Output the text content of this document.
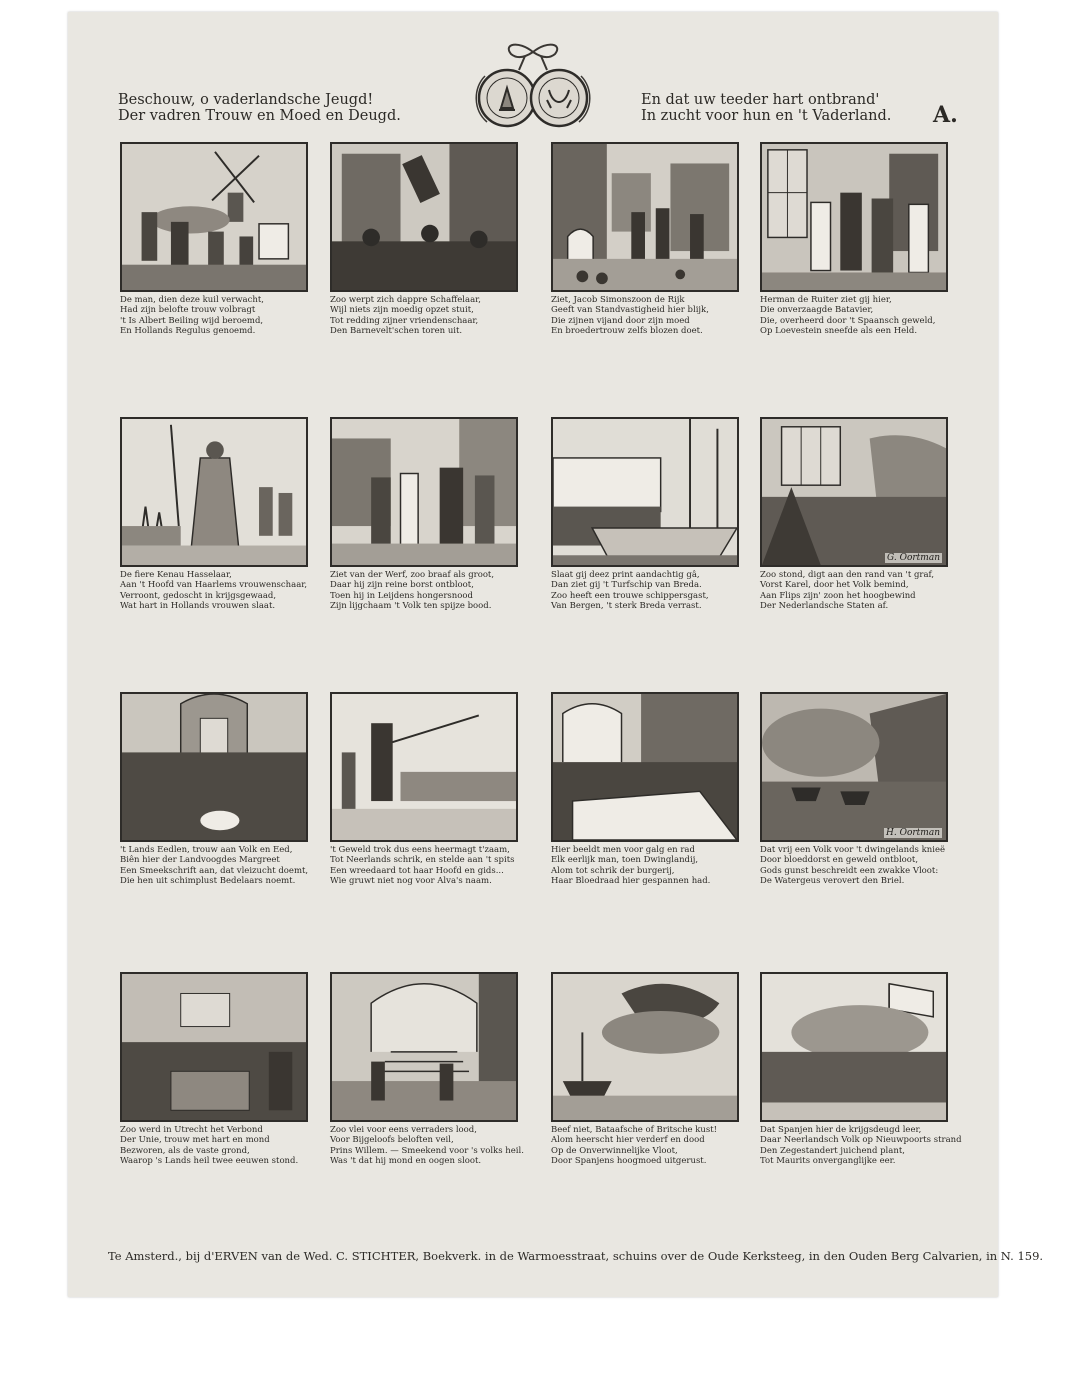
Beschouw, o vaderlandsche Jeugd!
Der vadren Trouw en Moed en Deugd.
En dat uw teeder hart ontbrand'
In zucht voor hun en 't Vaderland. A.
De man, dien deze kuil verwacht,
Had zijn belofte trouw volbragt
't Is Albert Beiling wijd beroemd,
En Hollands Regulus genoemd.
Zoo werpt zich dappre Schaffelaar,
Wijl niets zijn moedig opzet stuit,
Tot redding zijner vriendenschaar,
Den Barnevelt'schen toren uit.
Ziet, Jacob Simonszoon de Rijk
Geeft van Standvastigheid hier blijk,
Die zijnen vijand door zijn moed
En broedertrouw zelfs blozen doet.
Herman de Ruiter ziet gij hier,
Die onverzaagde Batavier,
Die, overheerd door 't Spaansch geweld,
Op Loevestein sneefde als een Held.
De fiere Kenau Hasselaar,
Aan 't Hoofd van Haarlems vrouwenschaar,
Verroont, gedoscht in krijgsgewaad,
Wat hart in Hollands vrouwen slaat.
Ziet van der Werf, zoo braaf als groot,
Daar hij zijn reine borst ontbloot,
Toen hij in Leijdens hongersnood
Zijn lijgchaam 't Volk ten spijze bood.
Slaat gij deez print aandachtig gâ,
Dan ziet gij 't Turfschip van Breda.
Zoo heeft een trouwe schippersgast,
Van Bergen, 't sterk Breda verrast.
G. Oortman
Zoo stond, digt aan den rand van 't graf,
Vorst Karel, door het Volk bemind,
Aan Flips zijn' zoon het hoogbewind
Der Nederlandsche Staten af.
't Lands Eedlen, trouw aan Volk en Eed,
Biên hier der Landvoogdes Margreet
Een Smeekschrift aan, dat vleizucht doemt,
Die hen uit schimplust Bedelaars noemt.
't Geweld trok dus eens heermagt t'zaam,
Tot Neerlands schrik, en stelde aan 't spits
Een wreedaard tot haar Hoofd en gids...
Wie gruwt niet nog voor Alva's naam.
Hier beeldt men voor galg en rad
Elk eerlijk man, toen Dwinglandij,
Alom tot schrik der burgerij,
Haar Bloedraad hier gespannen had.
H. Oortman
Dat vrij een Volk voor 't dwingelands knieë
Door bloeddorst en geweld ontbloot,
Gods gunst beschreidt een zwakke Vloot:
De Watergeus verovert den Briel.
Zoo werd in Utrecht het Verbond
Der Unie, trouw met hart en mond
Bezworen, als de vaste grond,
Waarop 's Lands heil twee eeuwen stond.
Zoo vlei voor eens verraders lood,
Voor Bijgeloofs beloften veil,
Prins Willem. — Smeekend voor 's volks heil.
Was 't dat hij mond en oogen sloot.
Beef niet, Bataafsche of Britsche kust!
Alom heerscht hier verderf en dood
Op de Onverwinnelijke Vloot,
Door Spanjens hoogmoed uitgerust.
Dat Spanjen hier de krijgsdeugd leer,
Daar Neerlandsch Volk op Nieuwpoorts strand
Den Zegestandert juichend plant,
Tot Maurits onverganglijke eer.
Te Amsterd., bij d'ERVEN van de Wed. C. STICHTER, Boekverk. in de Warmoesstraat, schuins over de Oude Kerksteeg, in den Ouden Berg Calvarien, in N. 159.
